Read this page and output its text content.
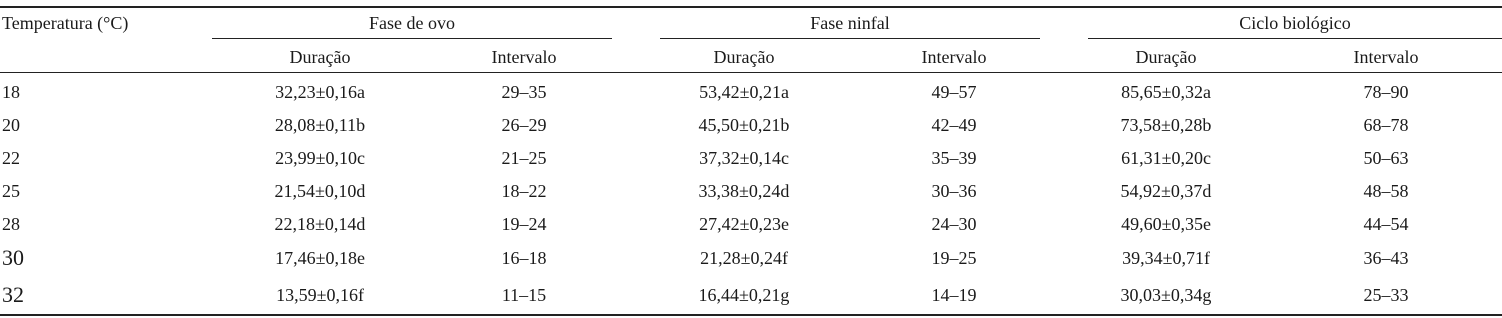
Temperatura (°C)	Fase de ovo	Fase ninfal	Ciclo biológico
Duração	Intervalo	Duração	Intervalo	Duração	Intervalo
18	32,23±0,16a	29–35	53,42±0,21a	49–57	85,65±0,32a	78–90
20	28,08±0,11b	26–29	45,50±0,21b	42–49	73,58±0,28b	68–78
22	23,99±0,10c	21–25	37,32±0,14c	35–39	61,31±0,20c	50–63
25	21,54±0,10d	18–22	33,38±0,24d	30–36	54,92±0,37d	48–58
28	22,18±0,14d	19–24	27,42±0,23e	24–30	49,60±0,35e	44–54
30	17,46±0,18e	16–18	21,28±0,24f	19–25	39,34±0,71f	36–43
32	13,59±0,16f	11–15	16,44±0,21g	14–19	30,03±0,34g	25–33
